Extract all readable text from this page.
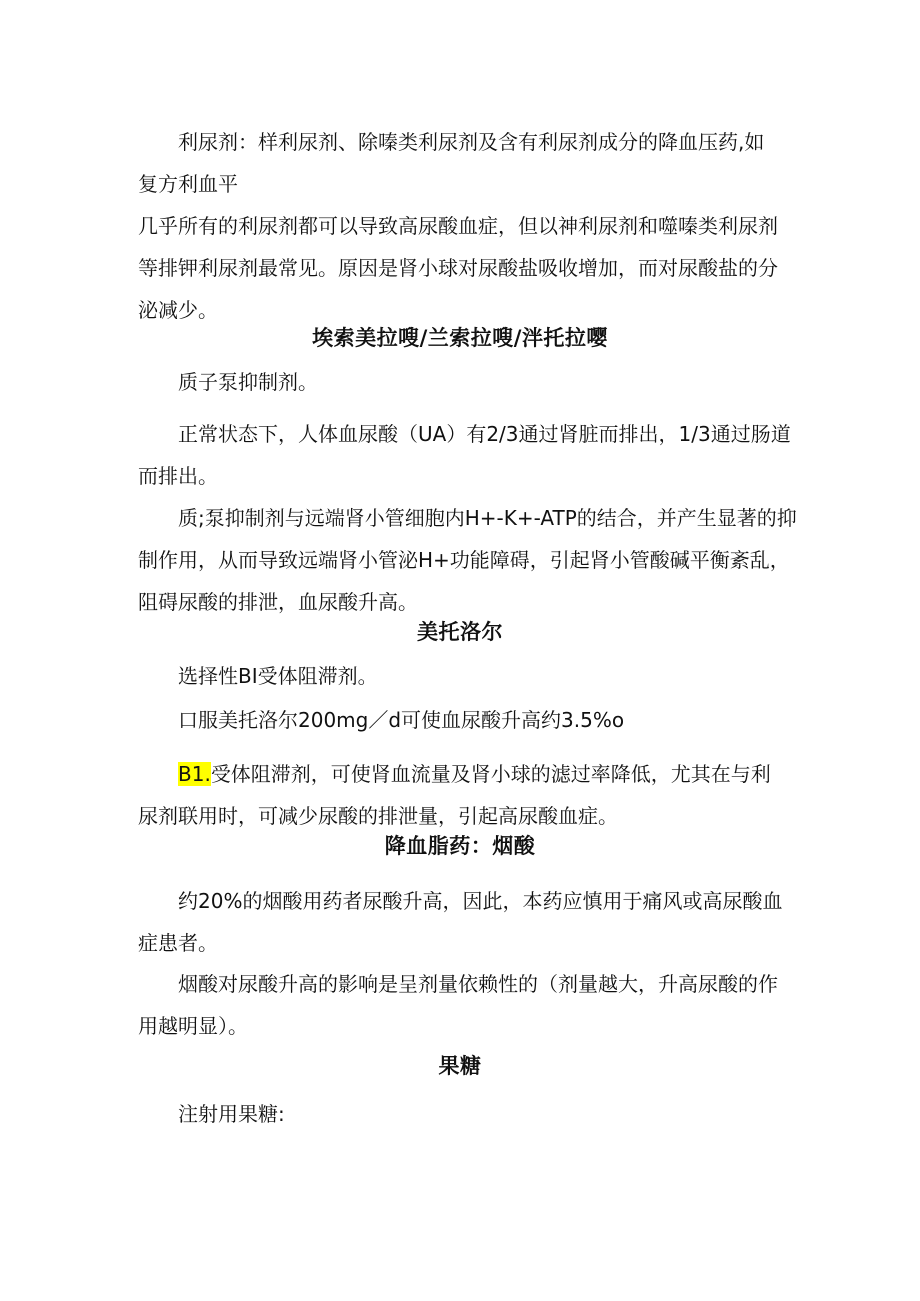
　　利尿剂：样利尿剂、除嗪类利尿剂及含有利尿剂成分的降血压药,如
复方利血平
几乎所有的利尿剂都可以导致高尿酸血症，但以神利尿剂和噬嗪类利尿剂
等排钾利尿剂最常见。原因是肾小球对尿酸盐吸收增加，而对尿酸盐的分
泌减少。
埃索美拉嗖/兰索拉嗖/泮托拉嘤
　　质子泵抑制剂。
　　正常状态下，人体血尿酸（UA）有2/3通过肾脏而排出，1/3通过肠道
而排出。
　　质;泵抑制剂与远端肾小管细胞内H+-K+-ATP的结合，并产生显著的抑
制作用，从而导致远端肾小管泌H+功能障碍，引起肾小管酸碱平衡紊乱，
阻碍尿酸的排泄，血尿酸升高。
美托洛尔
　　选择性BI受体阻滞剂。
　　口服美托洛尔200mg／d可使血尿酸升高约3.5%o
　　B1.受体阻滞剂，可使肾血流量及肾小球的滤过率降低，尤其在与利
尿剂联用时，可减少尿酸的排泄量，引起高尿酸血症。
降血脂药：烟酸
　　约20%的烟酸用药者尿酸升高，因此，本药应慎用于痛风或高尿酸血
症患者。
　　烟酸对尿酸升高的影响是呈剂量依赖性的（剂量越大，升高尿酸的作
用越明显）。
果糖
　　注射用果糖:
